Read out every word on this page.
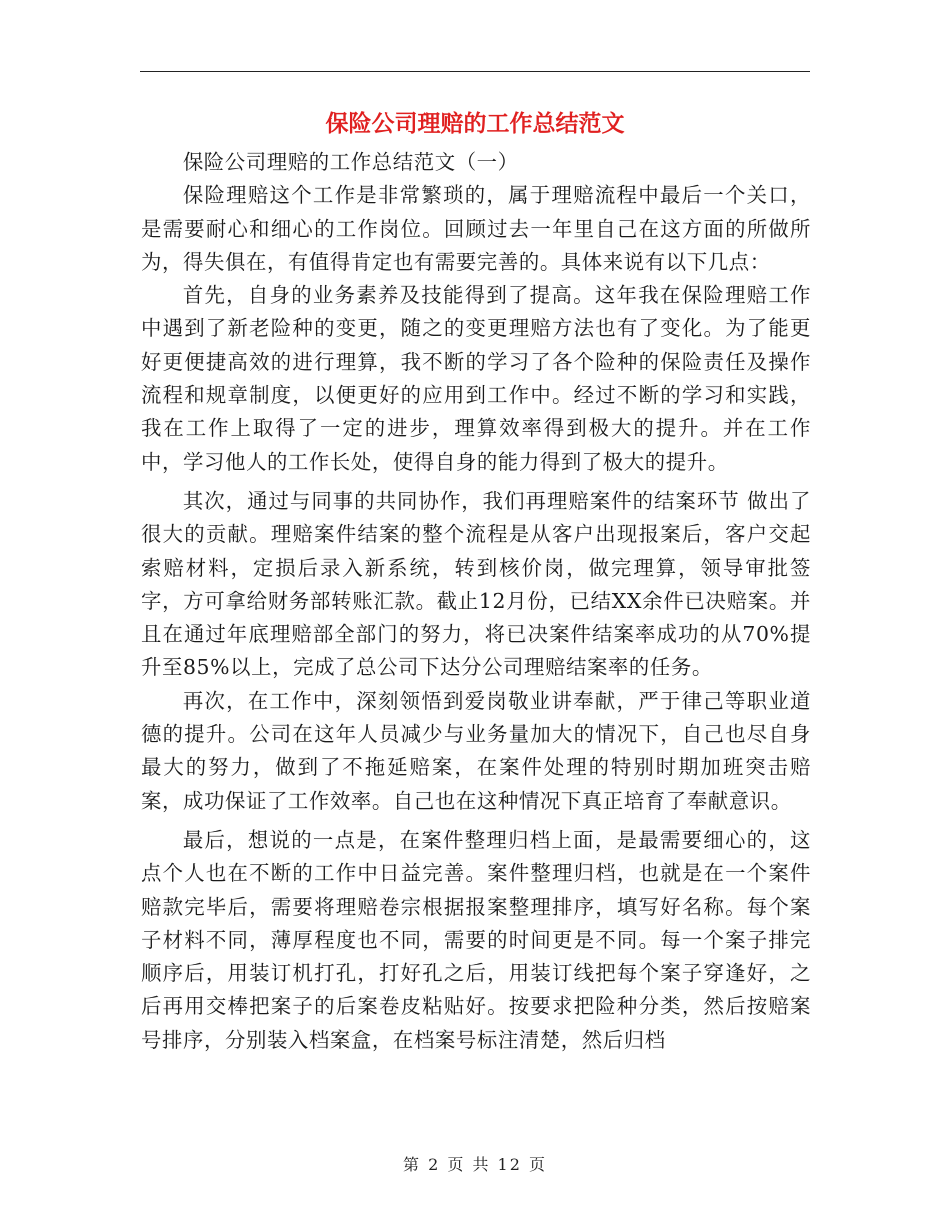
保险公司理赔的工作总结范文

保险公司理赔的工作总结范文（一）

保险理赔这个工作是非常繁琐的，属于理赔流程中最后一个关口，是需要耐心和细心的工作岗位。回顾过去一年里自己在这方面的所做所为，得失俱在，有值得肯定也有需要完善的。具体来说有以下几点：

首先，自身的业务素养及技能得到了提高。这年我在保险理赔工作中遇到了新老险种的变更，随之的变更理赔方法也有了变化。为了能更好更便捷高效的进行理算，我不断的学习了各个险种的保险责任及操作流程和规章制度，以便更好的应用到工作中。经过不断的学习和实践，我在工作上取得了一定的进步，理算效率得到极大的提升。并在工作中，学习他人的工作长处，使得自身的能力得到了极大的提升。

其次，通过与同事的共同协作，我们再理赔案件的结案环节 做出了很大的贡献。理赔案件结案的整个流程是从客户出现报案后，客户交起索赔材料，定损后录入新系统，转到核价岗，做完理算，领导审批签字，方可拿给财务部转账汇款。截止12月份，已结XX余件已决赔案。并且在通过年底理赔部全部门的努力，将已决案件结案率成功的从70%提升至85%以上，完成了总公司下达分公司理赔结案率的任务。

再次，在工作中，深刻领悟到爱岗敬业讲奉献，严于律己等职业道德的提升。公司在这年人员减少与业务量加大的情况下，自己也尽自身最大的努力，做到了不拖延赔案，在案件处理的特别时期加班突击赔案，成功保证了工作效率。自己也在这种情况下真正培育了奉献意识。

最后，想说的一点是，在案件整理归档上面，是最需要细心的，这点个人也在不断的工作中日益完善。案件整理归档，也就是在一个案件赔款完毕后，需要将理赔卷宗根据报案整理排序，填写好名称。每个案子材料不同，薄厚程度也不同，需要的时间更是不同。每一个案子排完顺序后，用装订机打孔，打好孔之后，用装订线把每个案子穿逢好，之后再用交棒把案子的后案卷皮粘贴好。按要求把险种分类，然后按赔案号排序，分别装入档案盒，在档案号标注清楚，然后归档

第 2 页 共 12 页
